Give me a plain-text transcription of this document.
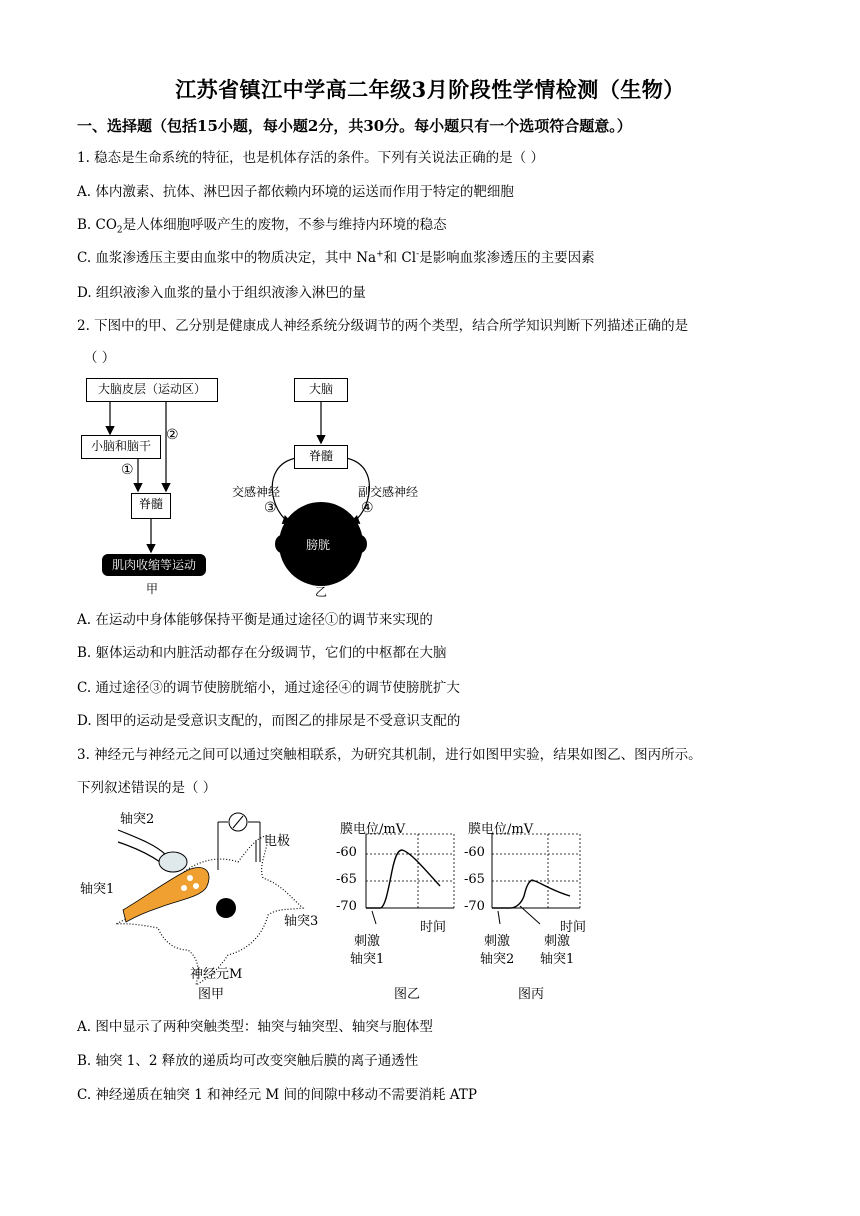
江苏省镇江中学高二年级3月阶段性学情检测（生物）
一、选择题（包括15小题，每小题2分，共30分。每小题只有一个选项符合题意。）
1. 稳态是生命系统的特征，也是机体存活的条件。下列有关说法正确的是（ ）
A. 体内激素、抗体、淋巴因子都依赖内环境的运送而作用于特定的靶细胞
B. $CO_2$是人体细胞呼吸产生的废物，不参与维持内环境的稳态
C. 血浆渗透压主要由血浆中的物质决定，其中 Na+和 Cl-是影响血浆渗透压的主要因素
D. 组织液渗入血浆的量小于组织液渗入淋巴的量
2. 下图中的甲、乙分别是健康成人神经系统分级调节的两个类型，结合所学知识判断下列描述正确的是
（ ）
大脑皮层（运动区）
小脑和脑干
脊髓
肌肉收缩等运动
②
①
甲
大脑
脊髓
交感神经	副交感神经
③	④
膀胱
乙
A. 在运动中身体能够保持平衡是通过途径①的调节来实现的
B. 躯体运动和内脏活动都存在分级调节，它们的中枢都在大脑
C. 通过途径③的调节使膀胱缩小，通过途径④的调节使膀胱扩大
D. 图甲的运动是受意识支配的，而图乙的排尿是不受意识支配的
3. 神经元与神经元之间可以通过突触相联系，为研究其机制，进行如图甲实验，结果如图乙、图丙所示。
下列叙述错误的是（ ）
轴突2
轴突1
电极
轴突3
神经元M
图甲
膜电位/mV
-60
-65
-70
时间
刺激
轴突1
图乙
膜电位/mV
-60
-65
-70
时间
刺激
轴突2
刺激
轴突1
图丙
A. 图中显示了两种突触类型：轴突与轴突型、轴突与胞体型
B. 轴突 1、2 释放的递质均可改变突触后膜的离子通透性
C. 神经递质在轴突 1 和神经元 M 间的间隙中移动不需要消耗 ATP
